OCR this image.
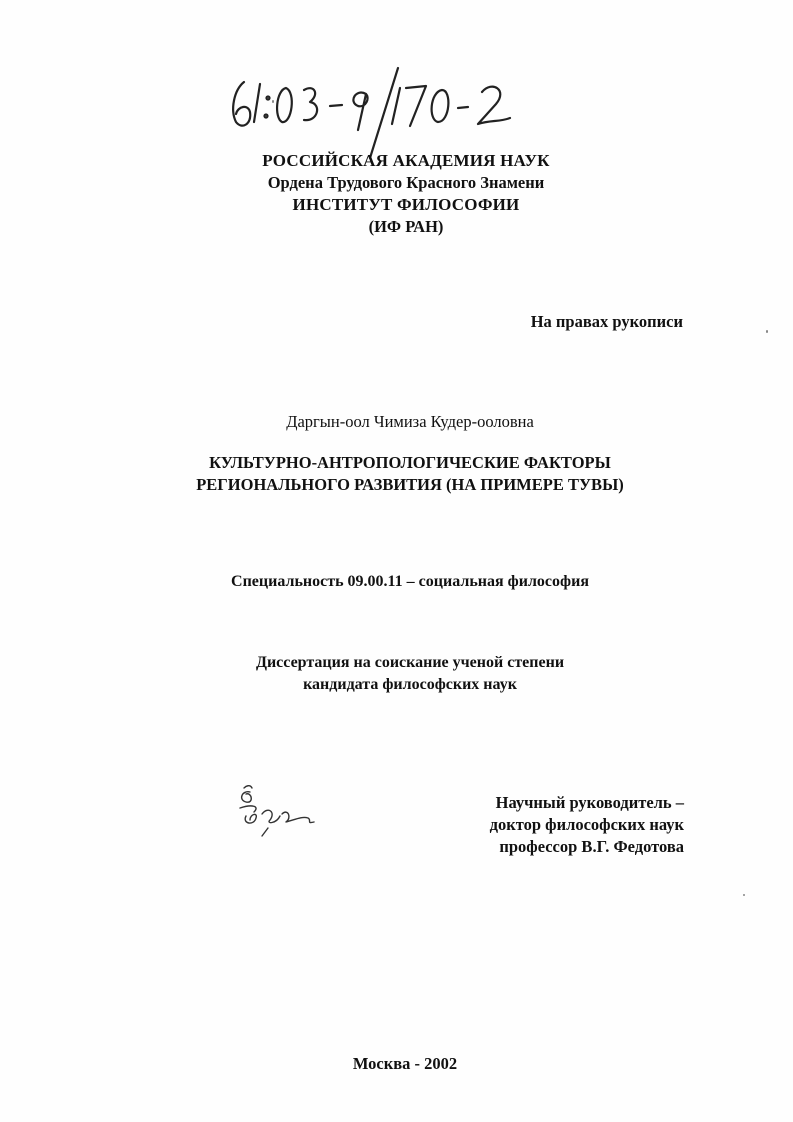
РОССИЙСКАЯ АКАДЕМИЯ НАУК
Ордена Трудового Красного Знамени
ИНСТИТУТ ФИЛОСОФИИ
(ИФ РАН)
На правах рукописи
Даргын-оол Чимиза Кудер-ооловна
КУЛЬТУРНО-АНТРОПОЛОГИЧЕСКИЕ ФАКТОРЫ
РЕГИОНАЛЬНОГО РАЗВИТИЯ (НА ПРИМЕРЕ ТУВЫ)
Специальность 09.00.11 – социальная философия
Диссертация на соискание ученой степени
кандидата философских наук
Научный руководитель –
доктор философских наук
профессор В.Г. Федотова
Москва - 2002
